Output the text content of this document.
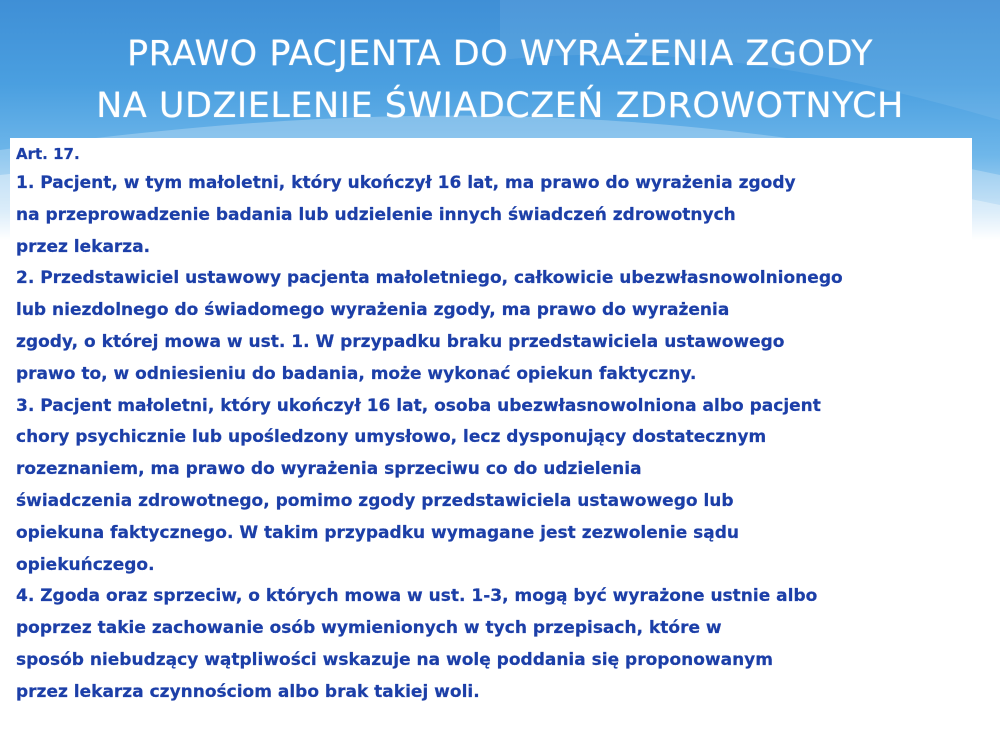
PRAWO PACJENTA DO WYRAŻENIA ZGODY
NA UDZIELENIE ŚWIADCZEŃ ZDROWOTNYCH
Art. 17.
1. Pacjent, w tym małoletni, który ukończył 16 lat, ma prawo do wyrażenia zgody
na przeprowadzenie badania lub udzielenie innych świadczeń zdrowotnych
przez lekarza.
2. Przedstawiciel ustawowy pacjenta małoletniego, całkowicie ubezwłasnowolnionego
lub niezdolnego do świadomego wyrażenia zgody, ma prawo do wyrażenia
zgody, o której mowa w ust. 1. W przypadku braku przedstawiciela ustawowego
prawo to, w odniesieniu do badania, może wykonać opiekun faktyczny.
3. Pacjent małoletni, który ukończył 16 lat, osoba ubezwłasnowolniona albo pacjent
chory psychicznie lub upośledzony umysłowo, lecz dysponujący dostatecznym
rozeznaniem, ma prawo do wyrażenia sprzeciwu co do udzielenia
świadczenia zdrowotnego, pomimo zgody przedstawiciela ustawowego lub
opiekuna faktycznego. W takim przypadku wymagane jest zezwolenie sądu
opiekuńczego.
4. Zgoda oraz sprzeciw, o których mowa w ust. 1-3, mogą być wyrażone ustnie albo
poprzez takie zachowanie osób wymienionych w tych przepisach, które w
sposób niebudzący wątpliwości wskazuje na wolę poddania się proponowanym
przez lekarza czynnościom albo brak takiej woli.
